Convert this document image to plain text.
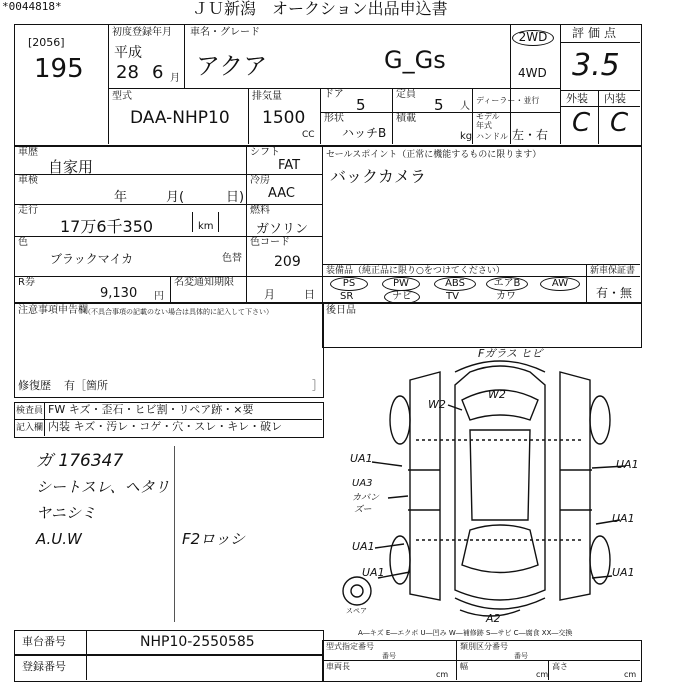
*0044818*	ＪＵ新潟　オークション出品申込書
[2056]
195
初度登録年月
平成
28 6 月
車名・グレード
アクア	G_Gs
2WD
4WD
評価点
3.5
外装 内装
C C
型式
DAA-NHP10
排気量
1500
CC
ドア
5
定員
5 人
ディーラー・並行
形状
ハッチB
積載
kg
モデル
年式
ハンドル 左・右
車歴
自家用
車検
年	月(	日)
走行
17万6千350	km
色
ブラックマイカ	色替
色コード
209
シフト
FAT
冷房
AAC
燃料
ガソリン
R券
9,130 円
名変通知期限
月	日
セールスポイント（正常に機能するものに限ります）
バックカメラ
装備品（純正品に限り○をつけてください）
PS	PW	ABS	エアB	AW
SR	ナビ	TV	カワ
新車保証書
有・無
後日品
注意事項申告欄
（不具合事項の記載のない場合は具体的に記入して下さい）
修復歴 有［箇所	］
検査員
記入欄
FW キズ・歪石・ヒビ割・リペア跡・×要
内装 キズ・汚レ・コゲ・穴・スレ・キレ・破レ
ガ 176347
シートスレ、ヘタリ
ヤニシミ
A.U.W	F2ロッシ
Fガラス ヒビ
W2
W2
UA1
UA3
カバン
ズー
UA1
UA1
UA1
UA1
UA1
A2
スペア
A―キズ E―エクボ U―凹み W―補修跡 S―サビ C―腐食 XX―交換
車台番号	NHP10-2550585
登録番号
型式指定番号
番号
類別区分番号
番号
車両長
cm
幅
cm
高さ
cm
